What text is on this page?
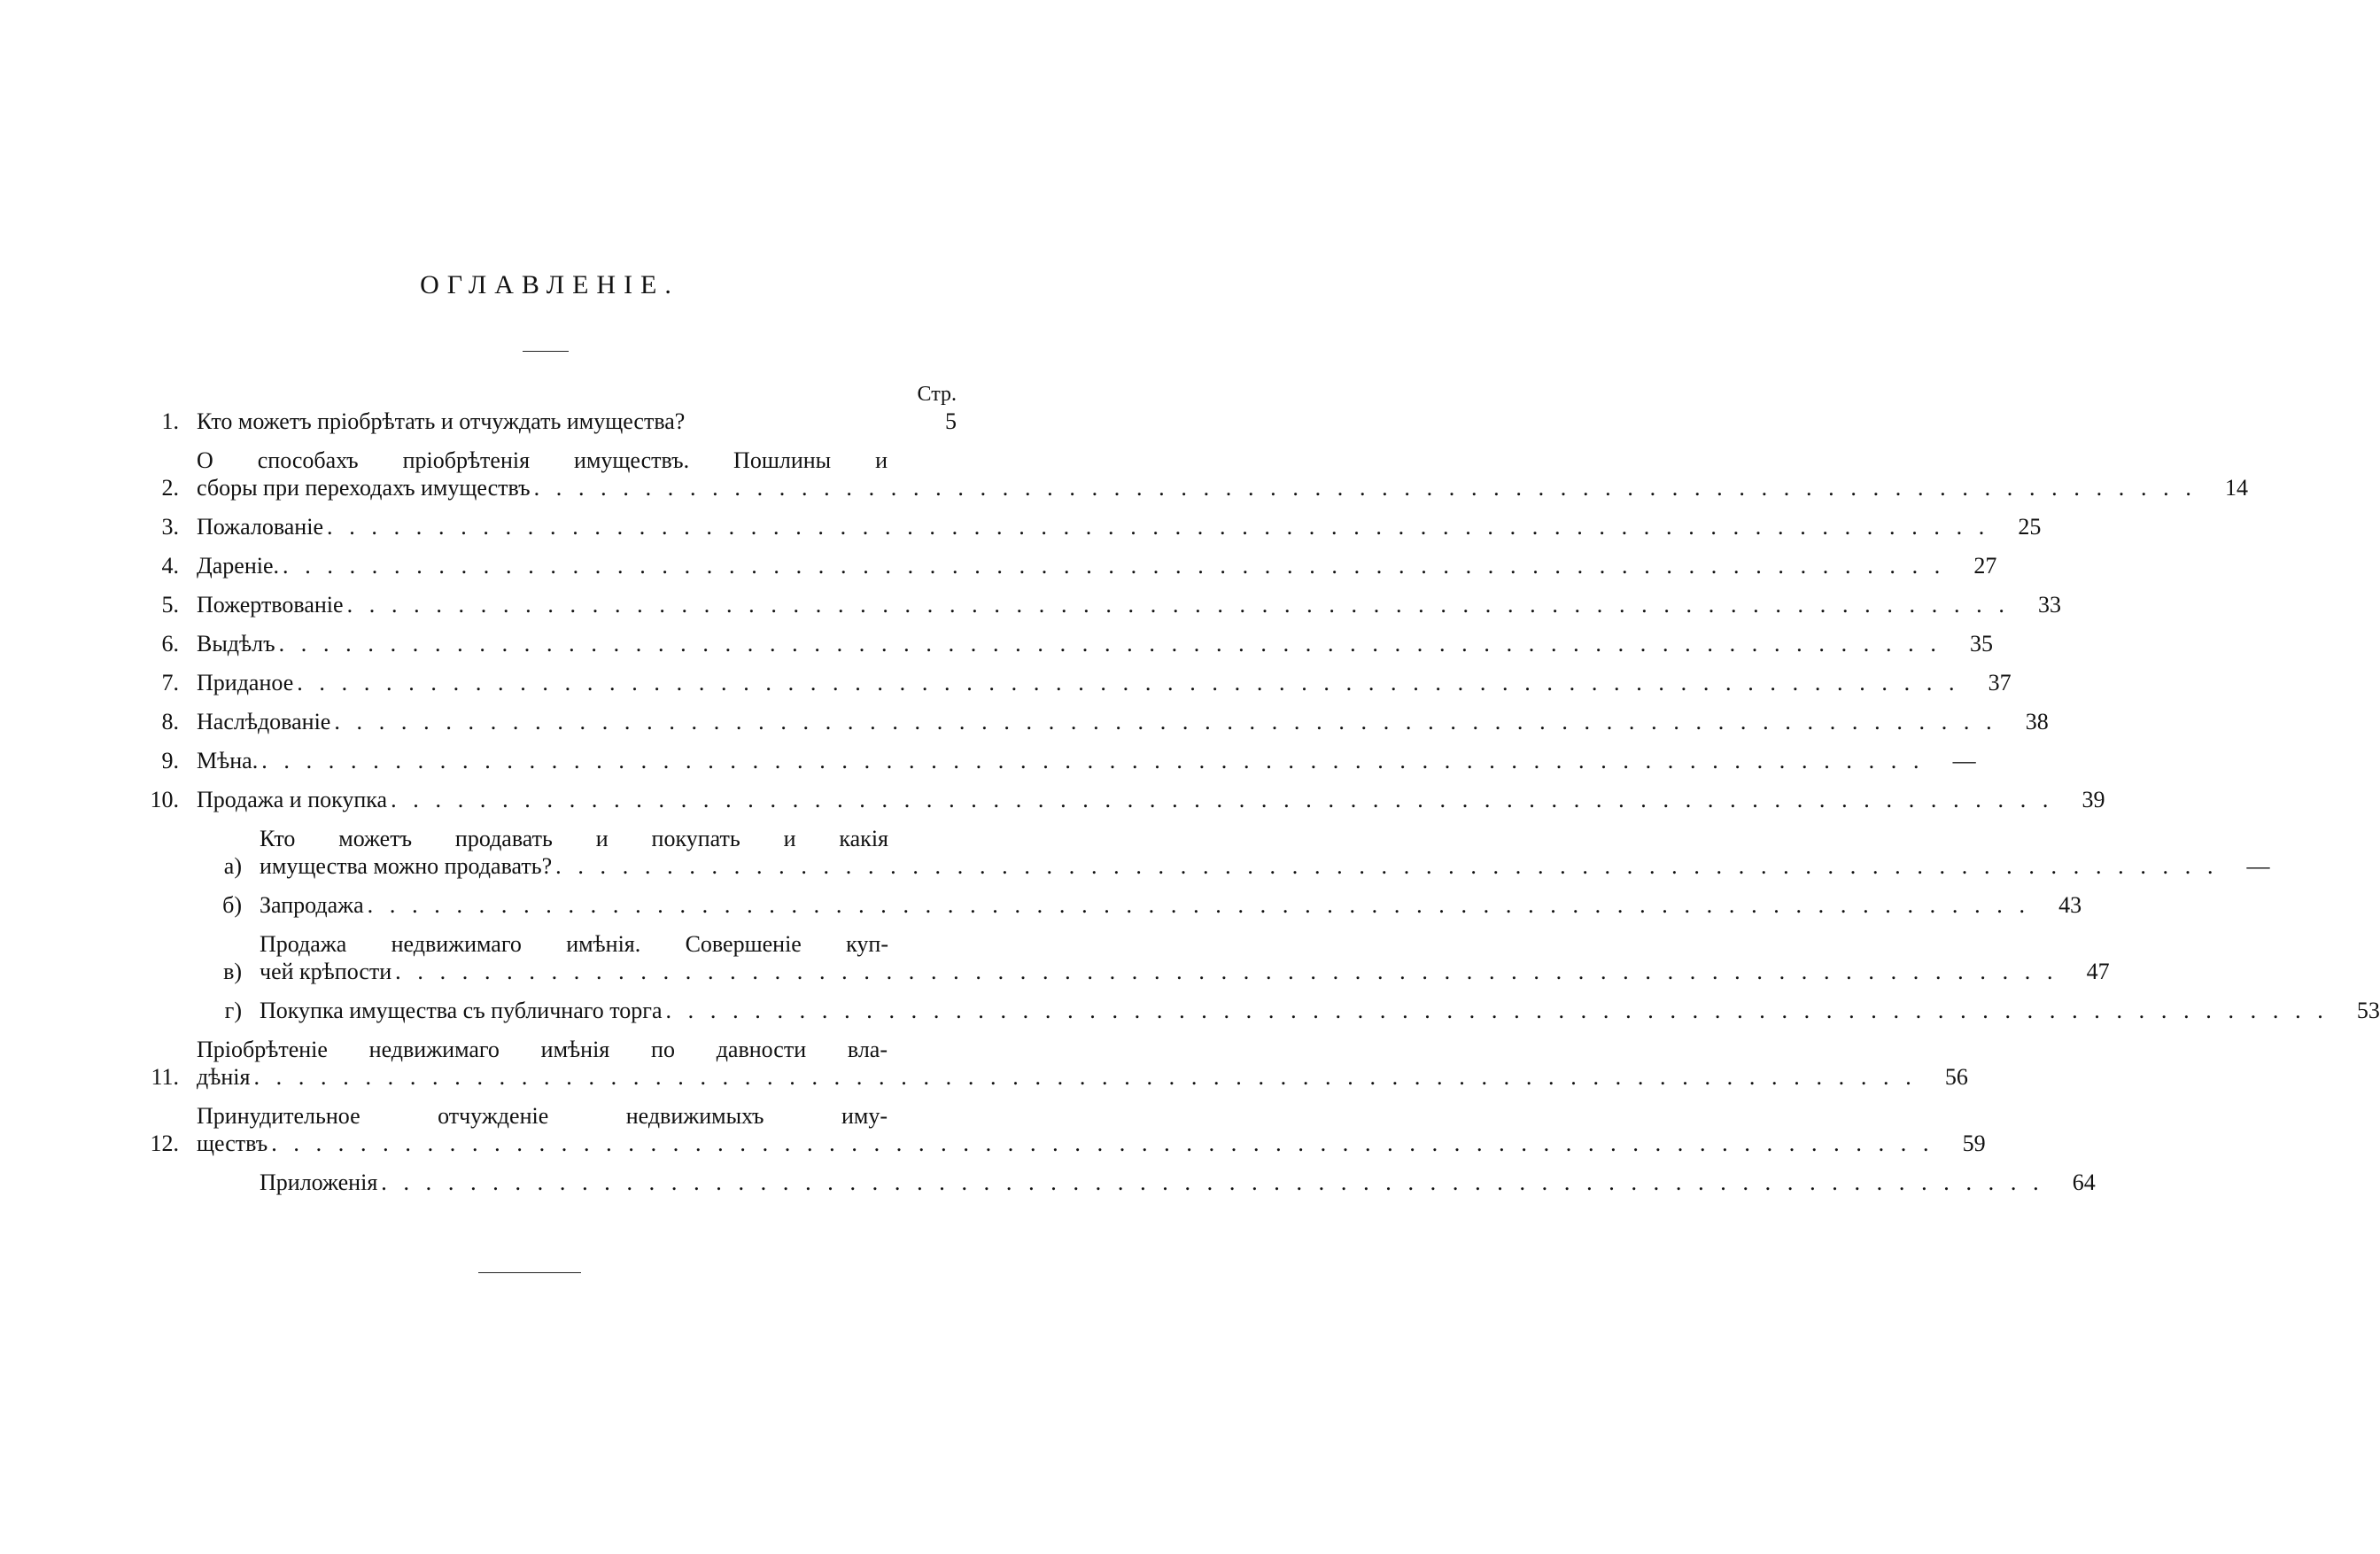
ОГЛАВЛЕНІЕ.
Стр.
1. Кто можетъ пріобрѣтать и отчуждать имущества?	5
2.
О способахъ пріобрѣтенія имуществъ. Пошлины и
сборы при переходахъ имуществъ . . .	14
3. Пожалованіе . . .	25
4. Дареніе. . . .	27
5. Пожертвованіе . . .	33
6. Выдѣлъ . . .	35
7. Приданое . . .	37
8. Наслѣдованіе . . .	38
9. Мѣна. . . .	—
10. Продажа и покупка . . .	39
а)
Кто можетъ продавать и покупать и какія
имущества можно продавать? . . .	—
б) Запродажа . . .	43
в)
Продажа недвижимаго имѣнія. Совершеніе куп-
чей крѣпости . . .	47
г) Покупка имущества съ публичнаго торга . . .	53
11.
Пріобрѣтеніе недвижимаго имѣнія по давности вла-
дѣнія . . .	56
12.
Принудительное отчужденіе недвижимыхъ иму-
ществъ . . .	59
Приложенія . . .	64
